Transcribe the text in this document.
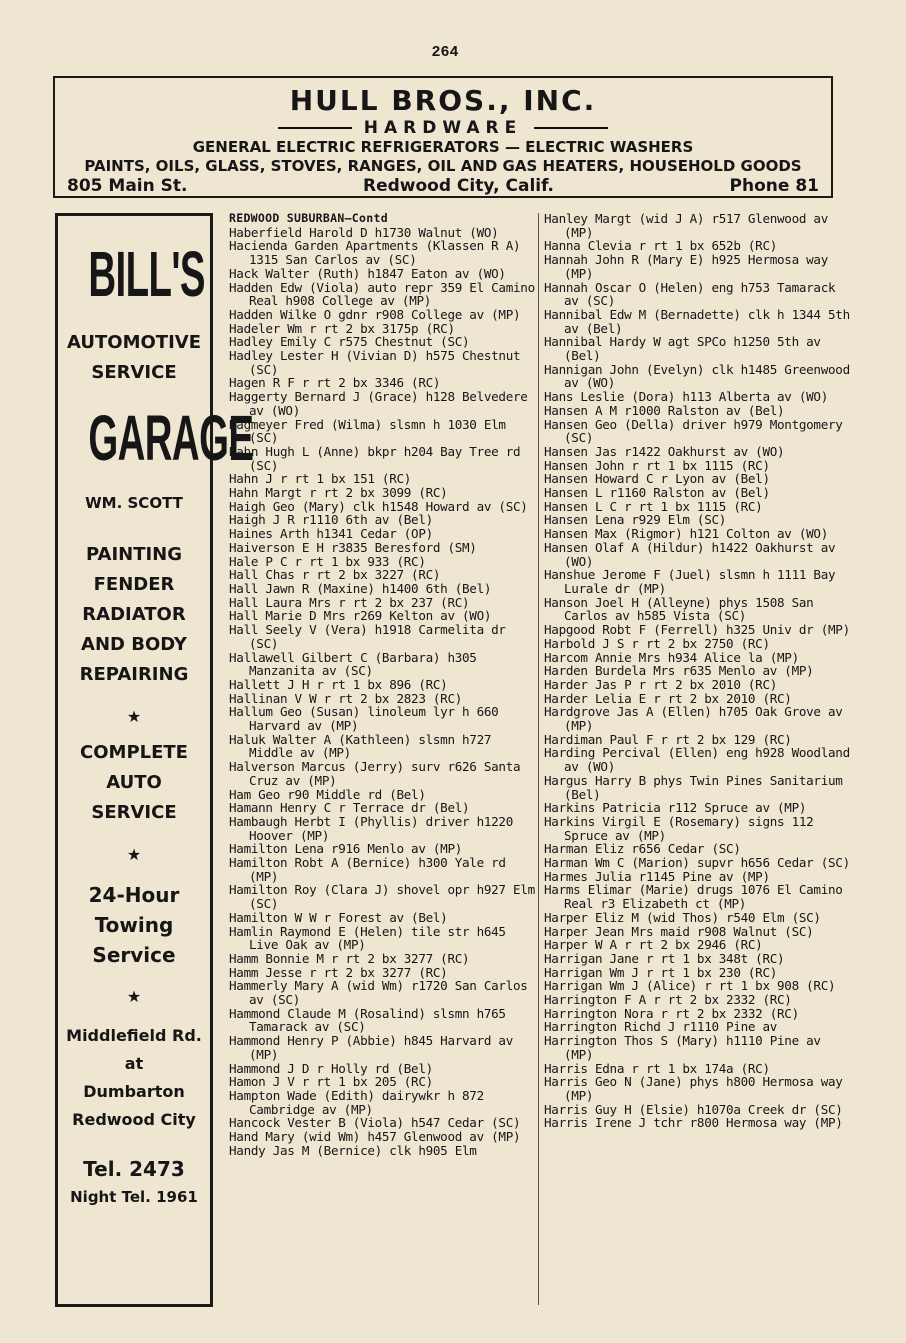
264
HULL BROS., INC.
HARDWARE
GENERAL ELECTRIC REFRIGERATORS — ELECTRIC WASHERS
PAINTS, OILS, GLASS, STOVES, RANGES, OIL AND GAS HEATERS, HOUSEHOLD GOODS
805 Main St.	Redwood City, Calif.	Phone 81
BILL'S
AUTOMOTIVE
SERVICE
GARAGE
WM. SCOTT
PAINTING
FENDER
RADIATOR
AND BODY
REPAIRING
★
COMPLETE
AUTO
SERVICE
★
24-Hour
Towing
Service
★
Middlefield Rd.
at
Dumbarton
Redwood City
Tel. 2473
Night Tel. 1961
REDWOOD SUBURBAN—Contd
Haberfield Harold D h1730 Walnut (WO)
Hacienda Garden Apartments (Klassen R A) 1315 San Carlos av (SC)
Hack Walter (Ruth) h1847 Eaton av (WO)
Hadden Edw (Viola) auto repr 359 El Camino Real h908 College av (MP)
Hadden Wilke O gdnr r908 College av (MP)
Hadeler Wm r rt 2 bx 3175p (RC)
Hadley Emily C r575 Chestnut (SC)
Hadley Lester H (Vivian D) h575 Chestnut (SC)
Hagen R F r rt 2 bx 3346 (RC)
Haggerty Bernard J (Grace) h128 Belvedere av (WO)
Hagmeyer Fred (Wilma) slsmn h 1030 Elm (SC)
Hahn Hugh L (Anne) bkpr h204 Bay Tree rd (SC)
Hahn J r rt 1 bx 151 (RC)
Hahn Margt r rt 2 bx 3099 (RC)
Haigh Geo (Mary) clk h1548 Howard av (SC)
Haigh J R r1110 6th av (Bel)
Haines Arth h1341 Cedar (OP)
Haiverson E H r3835 Beresford (SM)
Hale P C r rt 1 bx 933 (RC)
Hall Chas r rt 2 bx 3227 (RC)
Hall Jawn R (Maxine) h1400 6th (Bel)
Hall Laura Mrs r rt 2 bx 237 (RC)
Hall Marie D Mrs r269 Kelton av (WO)
Hall Seely V (Vera) h1918 Carmelita dr (SC)
Hallawell Gilbert C (Barbara) h305 Manzanita av (SC)
Hallett J H r rt 1 bx 896 (RC)
Hallinan V W r rt 2 bx 2823 (RC)
Hallum Geo (Susan) linoleum lyr h 660 Harvard av (MP)
Haluk Walter A (Kathleen) slsmn h727 Middle av (MP)
Halverson Marcus (Jerry) surv r626 Santa Cruz av (MP)
Ham Geo r90 Middle rd (Bel)
Hamann Henry C r Terrace dr (Bel)
Hambaugh Herbt I (Phyllis) driver h1220 Hoover (MP)
Hamilton Lena r916 Menlo av (MP)
Hamilton Robt A (Bernice) h300 Yale rd (MP)
Hamilton Roy (Clara J) shovel opr h927 Elm (SC)
Hamilton W W r Forest av (Bel)
Hamlin Raymond E (Helen) tile str h645 Live Oak av (MP)
Hamm Bonnie M r rt 2 bx 3277 (RC)
Hamm Jesse r rt 2 bx 3277 (RC)
Hammerly Mary A (wid Wm) r1720 San Carlos av (SC)
Hammond Claude M (Rosalind) slsmn h765 Tamarack av (SC)
Hammond Henry P (Abbie) h845 Harvard av (MP)
Hammond J D r Holly rd (Bel)
Hamon J V r rt 1 bx 205 (RC)
Hampton Wade (Edith) dairywkr h 872 Cambridge av (MP)
Hancock Vester B (Viola) h547 Cedar (SC)
Hand Mary (wid Wm) h457 Glenwood av (MP)
Handy Jas M (Bernice) clk h905 Elm
Hanley Margt (wid J A) r517 Glenwood av (MP)
Hanna Clevia r rt 1 bx 652b (RC)
Hannah John R (Mary E) h925 Hermosa way (MP)
Hannah Oscar O (Helen) eng h753 Tamarack av (SC)
Hannibal Edw M (Bernadette) clk h 1344 5th av (Bel)
Hannibal Hardy W agt SPCo h1250 5th av (Bel)
Hannigan John (Evelyn) clk h1485 Greenwood av (WO)
Hans Leslie (Dora) h113 Alberta av (WO)
Hansen A M r1000 Ralston av (Bel)
Hansen Geo (Della) driver h979 Montgomery (SC)
Hansen Jas r1422 Oakhurst av (WO)
Hansen John r rt 1 bx 1115 (RC)
Hansen Howard C r Lyon av (Bel)
Hansen L r1160 Ralston av (Bel)
Hansen L C r rt 1 bx 1115 (RC)
Hansen Lena r929 Elm (SC)
Hansen Max (Rigmor) h121 Colton av (WO)
Hansen Olaf A (Hildur) h1422 Oakhurst av (WO)
Hanshue Jerome F (Juel) slsmn h 1111 Bay Lurale dr (MP)
Hanson Joel H (Alleyne) phys 1508 San Carlos av h585 Vista (SC)
Hapgood Robt F (Ferrell) h325 Univ dr (MP)
Harbold J S r rt 2 bx 2750 (RC)
Harcom Annie Mrs h934 Alice la (MP)
Harden Burdela Mrs r635 Menlo av (MP)
Harder Jas P r rt 2 bx 2010 (RC)
Harder Lelia E r rt 2 bx 2010 (RC)
Hardgrove Jas A (Ellen) h705 Oak Grove av (MP)
Hardiman Paul F r rt 2 bx 129 (RC)
Harding Percival (Ellen) eng h928 Woodland av (WO)
Hargus Harry B phys Twin Pines Sanitarium (Bel)
Harkins Patricia r112 Spruce av (MP)
Harkins Virgil E (Rosemary) signs 112 Spruce av (MP)
Harman Eliz r656 Cedar (SC)
Harman Wm C (Marion) supvr h656 Cedar (SC)
Harmes Julia r1145 Pine av (MP)
Harms Elimar (Marie) drugs 1076 El Camino Real r3 Elizabeth ct (MP)
Harper Eliz M (wid Thos) r540 Elm (SC)
Harper Jean Mrs maid r908 Walnut (SC)
Harper W A r rt 2 bx 2946 (RC)
Harrigan Jane r rt 1 bx 348t (RC)
Harrigan Wm J r rt 1 bx 230 (RC)
Harrigan Wm J (Alice) r rt 1 bx 908 (RC)
Harrington F A r rt 2 bx 2332 (RC)
Harrington Nora r rt 2 bx 2332 (RC)
Harrington Richd J r1110 Pine av
Harrington Thos S (Mary) h1110 Pine av (MP)
Harris Edna r rt 1 bx 174a (RC)
Harris Geo N (Jane) phys h800 Hermosa way (MP)
Harris Guy H (Elsie) h1070a Creek dr (SC)
Harris Irene J tchr r800 Hermosa way (MP)
